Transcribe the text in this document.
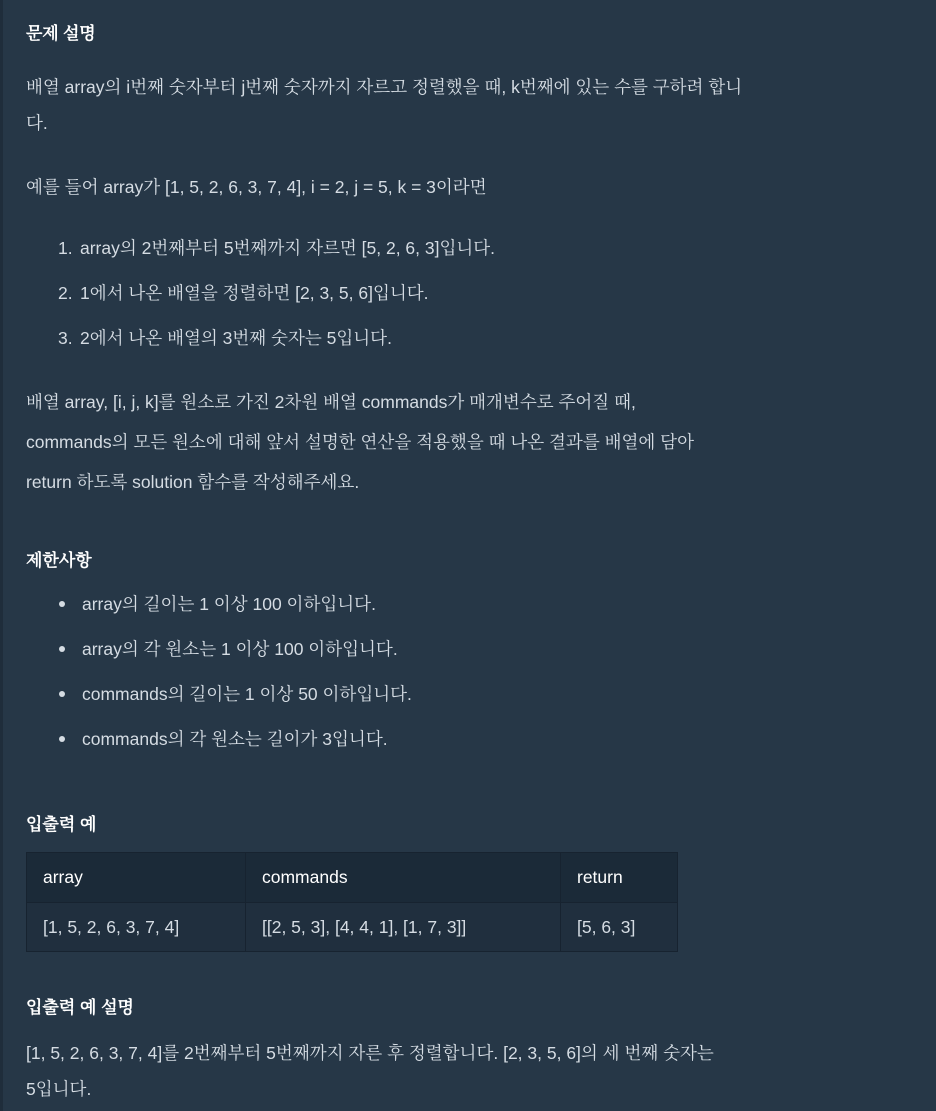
문제 설명

배열 array의 i번째 숫자부터 j번째 숫자까지 자르고 정렬했을 때, k번째에 있는 수를 구하려 합니
다.

예를 들어 array가 [1, 5, 2, 6, 3, 7, 4], i = 2, j = 5, k = 3이라면

1. array의 2번째부터 5번째까지 자르면 [5, 2, 6, 3]입니다.
2. 1에서 나온 배열을 정렬하면 [2, 3, 5, 6]입니다.
3. 2에서 나온 배열의 3번째 숫자는 5입니다.

배열 array, [i, j, k]를 원소로 가진 2차원 배열 commands가 매개변수로 주어질 때,
commands의 모든 원소에 대해 앞서 설명한 연산을 적용했을 때 나온 결과를 배열에 담아
return 하도록 solution 함수를 작성해주세요.

제한사항
array의 길이는 1 이상 100 이하입니다.
array의 각 원소는 1 이상 100 이하입니다.
commands의 길이는 1 이상 50 이하입니다.
commands의 각 원소는 길이가 3입니다.
입출력 예
array	commands	return
[1, 5, 2, 6, 3, 7, 4]	[[2, 5, 3], [4, 4, 1], [1, 7, 3]]	[5, 6, 3]
입출력 예 설명

[1, 5, 2, 6, 3, 7, 4]를 2번째부터 5번째까지 자른 후 정렬합니다. [2, 3, 5, 6]의 세 번째 숫자는
5입니다.
